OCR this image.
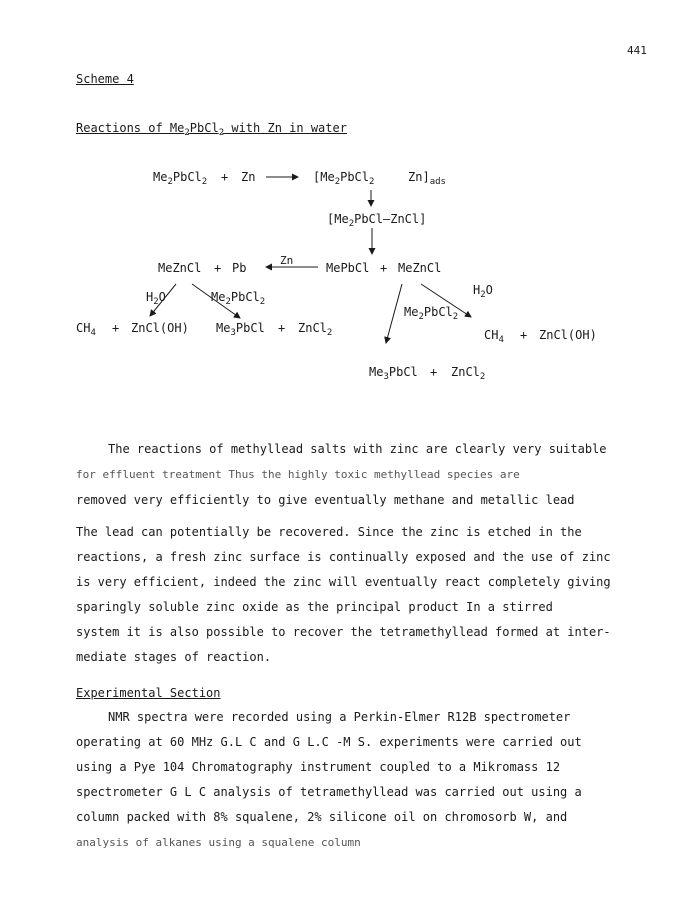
441
Scheme 4
Reactions of $Me_2PbCl_2$ with Zn in water
$Me_2PbCl_2 + Zn$	[$Me_2PbCl_2$	$Zn]_{ads}$
$[Me_2PbCl—ZnCl]$
MeZnCl + Pb
Zn
MePbCl + MeZnCl
$H_2O$	$Me_2PbCl_2$
$CH_4$ + ZnCl(OH) $Me_3PbCl$ + ZnCl$_2$
$H_2O$
$Me_2PbCl_2$
$CH_4$ + ZnCl(OH)
$Me_3PbCl$ + ZnCl$_2$
The reactions of methyllead salts with zinc are clearly very suitable
for effluent treatment Thus the highly toxic methyllead species are
removed very efficiently to give eventually methane and metallic lead
The lead can potentially be recovered. Since the zinc is etched in the
reactions, a fresh zinc surface is continually exposed and the use of zinc
is very efficient, indeed the zinc will eventually react completely giving
sparingly soluble zinc oxide as the principal product In a stirred
system it is also possible to recover the tetramethyllead formed at inter-
mediate stages of reaction.
Experimental Section
NMR spectra were recorded using a Perkin-Elmer R12B spectrometer
operating at 60 MHz G.L C and G L.C -M S. experiments were carried out
using a Pye 104 Chromatography instrument coupled to a Mikromass 12
spectrometer G L C analysis of tetramethyllead was carried out using a
column packed with 8% squalene, 2% silicone oil on chromosorb W, and
analysis of alkanes using a squalene column
